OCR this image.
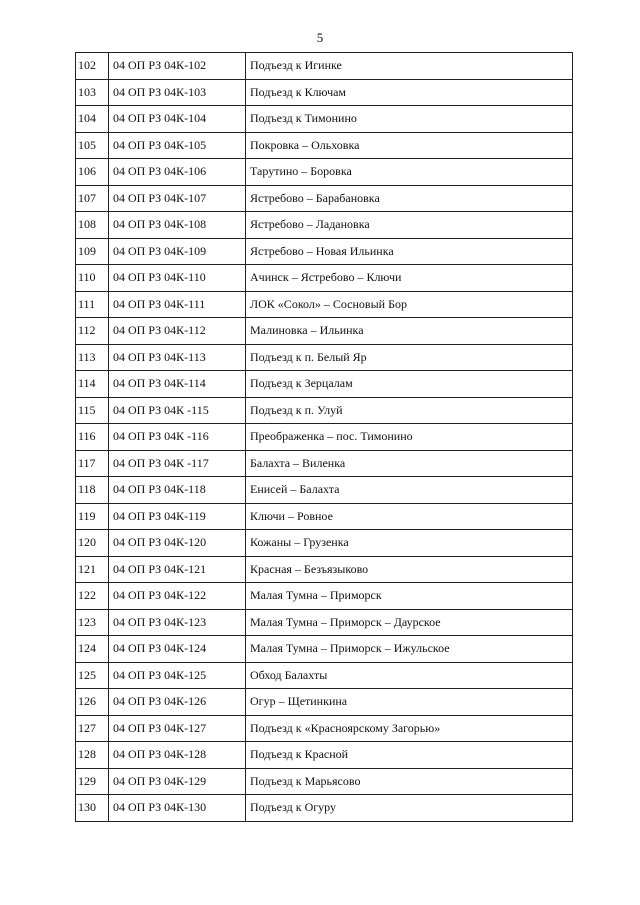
5
102	04 ОП РЗ 04К-102	Подъезд к Игинке
103	04 ОП РЗ 04К-103	Подъезд к Ключам
104	04 ОП РЗ 04К-104	Подъезд к Тимонино
105	04 ОП РЗ 04К-105	Покровка – Ольховка
106	04 ОП РЗ 04К-106	Тарутино – Боровка
107	04 ОП РЗ 04К-107	Ястребово – Барабановка
108	04 ОП РЗ 04К-108	Ястребово – Ладановка
109	04 ОП РЗ 04К-109	Ястребово – Новая Ильинка
110	04 ОП РЗ 04К-110	Ачинск – Ястребово – Ключи
111	04 ОП РЗ 04К-111	ЛОК «Сокол» – Сосновый Бор
112	04 ОП РЗ 04К-112	Малиновка – Ильинка
113	04 ОП РЗ 04К-113	Подъезд к п. Белый Яр
114	04 ОП РЗ 04К-114	Подъезд к Зерцалам
115	04 ОП РЗ 04К -115	Подъезд к п. Улуй
116	04 ОП РЗ 04К -116	Преображенка – пос. Тимонино
117	04 ОП РЗ 04К -117	Балахта – Виленка
118	04 ОП РЗ 04К-118	Енисей – Балахта
119	04 ОП РЗ 04К-119	Ключи – Ровное
120	04 ОП РЗ 04К-120	Кожаны – Грузенка
121	04 ОП РЗ 04К-121	Красная – Безъязыково
122	04 ОП РЗ 04К-122	Малая Тумна – Приморск
123	04 ОП РЗ 04К-123	Малая Тумна – Приморск – Даурское
124	04 ОП РЗ 04К-124	Малая Тумна – Приморск – Ижульское
125	04 ОП РЗ 04К-125	Обход Балахты
126	04 ОП РЗ 04К-126	Огур – Щетинкина
127	04 ОП РЗ 04К-127	Подъезд к «Красноярскому Загорью»
128	04 ОП РЗ 04К-128	Подъезд к Красной
129	04 ОП РЗ 04К-129	Подъезд к Марьясово
130	04 ОП РЗ 04К-130	Подъезд к Огуру
